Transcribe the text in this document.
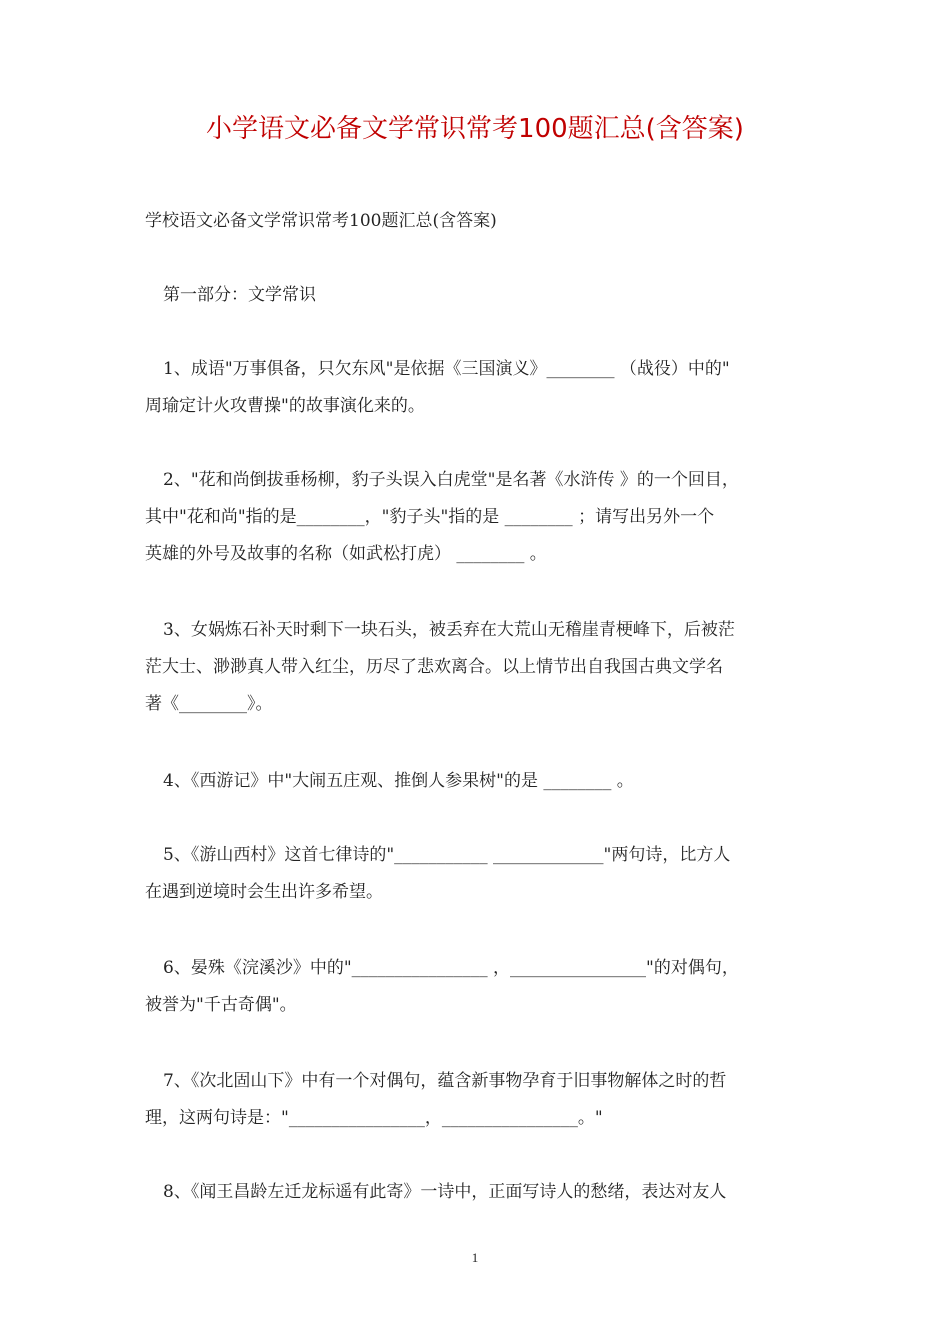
小学语文必备文学常识常考100题汇总(含答案)
学校语文必备文学常识常考100题汇总(含答案)
第一部分：文学常识
1、成语"万事俱备，只欠东风"是依据《三国演义》________ （战役）中的"
周瑜定计火攻曹操"的故事演化来的。
2、"花和尚倒拔垂杨柳，豹子头误入白虎堂"是名著《水浒传 》的一个回目，
其中"花和尚"指的是________，"豹子头"指的是 ________ ；请写出另外一个
英雄的外号及故事的名称（如武松打虎） ________ 。
3、女娲炼石补天时剩下一块石头，被丢弃在大荒山无稽崖青梗峰下，后被茫
茫大士、渺渺真人带入红尘，历尽了悲欢离合。以上情节出自我国古典文学名
著《________》。
4、《西游记》中"大闹五庄观、推倒人参果树"的是 ________ 。
5、《游山西村》这首七律诗的"___________ _____________"两句诗，比方人
在遇到逆境时会生出许多希望。
6、晏殊《浣溪沙》中的"________________ ，________________"的对偶句，
被誉为"千古奇偶"。
7、《次北固山下》中有一个对偶句，蕴含新事物孕育于旧事物解体之时的哲
理，这两句诗是："________________，________________。"
8、《闻王昌龄左迁龙标遥有此寄》一诗中，正面写诗人的愁绪，表达对友人
1
